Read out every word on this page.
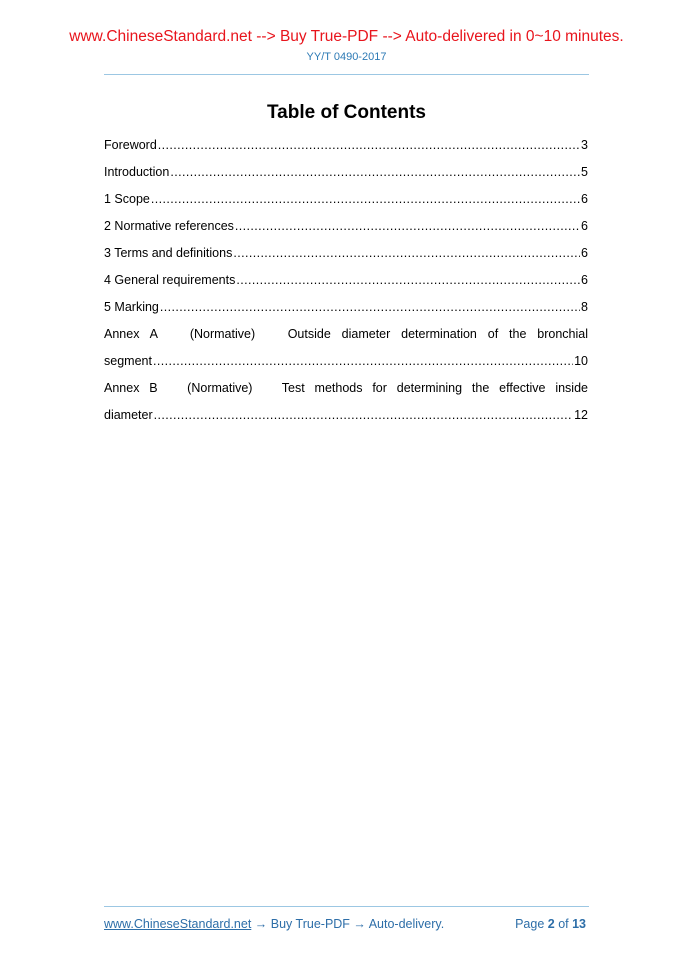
www.ChineseStandard.net --> Buy True-PDF --> Auto-delivered in 0~10 minutes.
YY/T 0490-2017
Table of Contents
Foreword .....	3
Introduction .....	5
1 Scope .....	6
2 Normative references .....	6
3 Terms and definitions .....	6
4 General requirements .....	6
5 Marking .....	8
Annex A   (Normative)   Outside diameter determination of the bronchial
segment .....	10
Annex B   (Normative)   Test methods for determining the effective inside
diameter .....	12
www.ChineseStandard.net → Buy True-PDF → Auto-delivery.	Page 2 of 13
